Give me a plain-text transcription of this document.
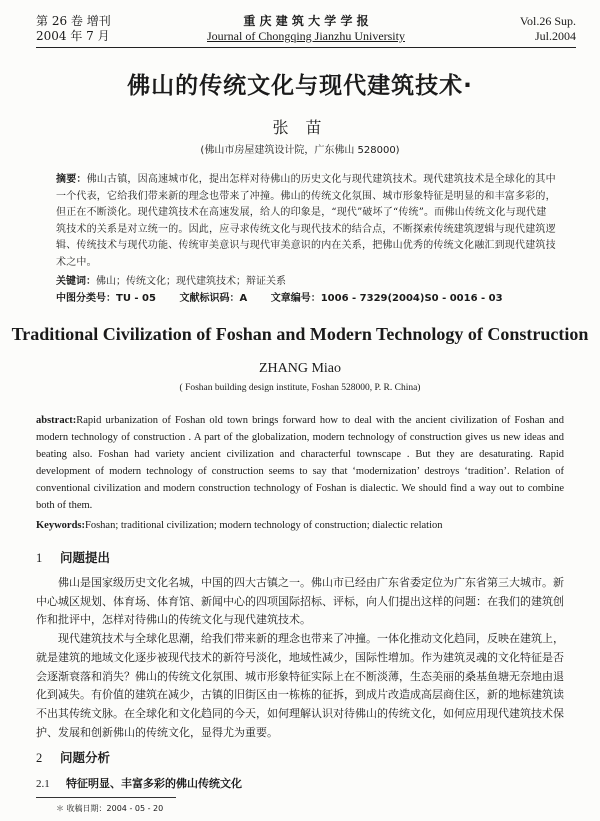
第 26 卷 增刊
2004 年 7 月
重 庆 建 筑 大 学 学 报
Journal of Chongqing Jianzhu University
Vol.26 Sup.
Jul.2004
佛山的传统文化与现代建筑技术·
张 苗
(佛山市房屋建筑设计院，广东佛山 528000)
摘要：佛山古镇，因高速城市化，提出怎样对待佛山的历史文化与现代建筑技术。现代建筑技术是全球化的其中一个代表，它给我们带来新的理念也带来了冲撞。佛山的传统文化氛围、城市形象特征是明显的和丰富多彩的，但正在不断淡化。现代建筑技术在高速发展，给人的印象是，“现代”破坏了“传统”。而佛山传统文化与现代建筑技术的关系是对立统一的。因此，应寻求传统文化与现代技术的结合点，不断探索传统建筑逻辑与现代建筑逻辑、传统技术与现代功能、传统审美意识与现代审美意识的内在关系，把佛山优秀的传统文化融汇到现代建筑技术之中。
关键词：佛山；传统文化；现代建筑技术；辩证关系
中图分类号：TU - 05 文献标识码：A 文章编号：1006 - 7329(2004)S0 - 0016 - 03
Traditional Civilization of Foshan and Modern Technology of Construction
ZHANG Miao
( Foshan building design institute, Foshan 528000, P. R. China)
abstract:Rapid urbanization of Foshan old town brings forward how to deal with the ancient civilization of Foshan and modern technology of construction . A part of the globalization, modern technology of construction gives us new ideas and beating also. Foshan had variety ancient civilization and characterful townscape . But they are desaturating. Rapid development of modern technology of construction seems to say that ‘modernization’ destroys ‘tradition’. Relation of conventional civilization and modern construction technology of Foshan is dialectic. We should find a way out to combine both of them.
Keywords:Foshan; traditional civilization; modern technology of construction; dialectic relation
1 问题提出

佛山是国家级历史文化名城，中国的四大古镇之一。佛山市已经由广东省委定位为广东省第三大城市。新中心城区规划、体育场、体育馆、新闻中心的四项国际招标、评标，向人们提出这样的问题：在我们的建筑创作和批评中，怎样对待佛山的传统文化与现代建筑技术。

现代建筑技术与全球化思潮，给我们带来新的理念也带来了冲撞。一体化推动文化趋同，反映在建筑上，就是建筑的地域文化逐步被现代技术的新符号淡化，地域性减少，国际性增加。作为建筑灵魂的文化特征是否会逐渐衰落和消失？佛山的传统文化氛围、城市形象特征实际上在不断淡薄，生态美丽的桑基鱼塘无奈地由退化到减失。有价值的建筑在减少，古镇的旧街区由一栋栋的征拆，到成片改造成高层商住区，新的地标建筑读不出其传统文脉。在全球化和文化趋同的今天，如何理解认识对待佛山的传统文化，如何应用现代建筑技术保护、发展和创新佛山的传统文化，显得尤为重要。

2 问题分析
2.1 特征明显、丰富多彩的佛山传统文化
＊ 收稿日期：2004 - 05 - 20
